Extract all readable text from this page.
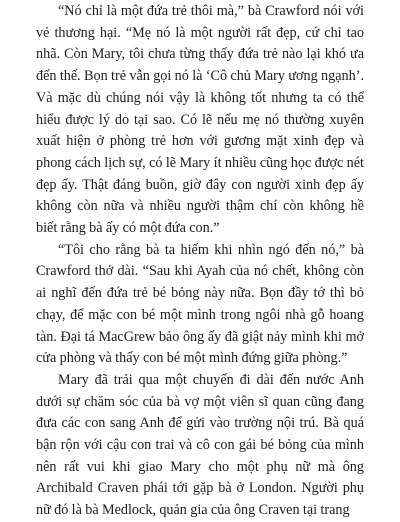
“Nó chỉ là một đứa trẻ thôi mà,” bà Crawford nói với vẻ thương hại. “Mẹ nó là một người rất đẹp, cứ chỉ tao nhã. Còn Mary, tôi chưa từng thấy đứa trẻ nào lại khó ưa đến thế. Bọn trẻ vẫn gọi nó là ‘Cô chủ Mary ương ngạnh’. Và mặc dù chúng nói vậy là không tốt nhưng ta có thể hiểu được lý do tại sao. Có lẽ nếu mẹ nó thường xuyên xuất hiện ở phòng trẻ hơn với gương mặt xinh đẹp và phong cách lịch sự, có lẽ Mary ít nhiều cũng học được nét đẹp ấy. Thật đáng buồn, giờ đây con người xinh đẹp ấy không còn nữa và nhiều người thậm chí còn không hề biết rằng bà ấy có một đứa con.”

“Tôi cho rằng bà ta hiếm khi nhìn ngó đến nó,” bà Crawford thở dài. “Sau khi Ayah của nó chết, không còn ai nghĩ đến đứa trẻ bé bỏng này nữa. Bọn đầy tớ thì bỏ chạy, để mặc con bé một mình trong ngôi nhà gỗ hoang tàn. Đại tá MacGrew bảo ông ấy đã giật nảy mình khi mở cửa phòng và thấy con bé một mình đứng giữa phòng.”

Mary đã trải qua một chuyến đi dài đến nước Anh dưới sự chăm sóc của bà vợ một viên sĩ quan cũng đang đưa các con sang Anh để gửi vào trường nội trú. Bà quá bận rộn với cậu con trai và cô con gái bé bỏng của mình nên rất vui khi giao Mary cho một phụ nữ mà ông Archibald Craven phái tới gặp bà ở London. Người phụ nữ đó là bà Medlock, quản gia của ông Craven tại trang
